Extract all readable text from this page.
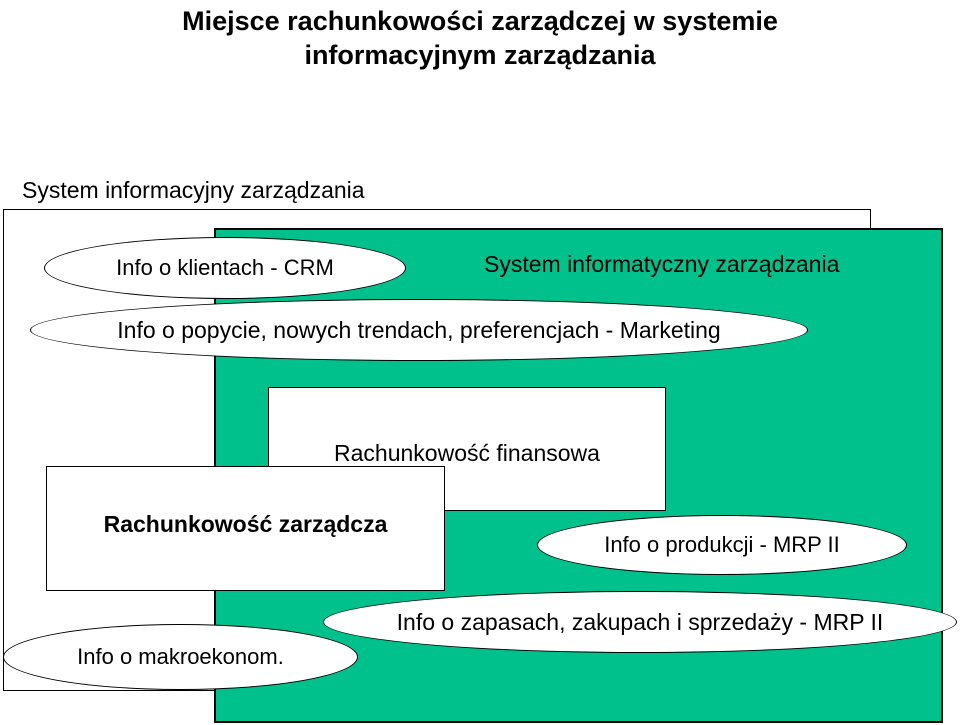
Miejsce rachunkowości zarządczej w systemie
informacyjnym zarządzania
System informacyjny zarządzania
System informatyczny zarządzania
Rachunkowość finansowa
Rachunkowość zarządcza
Info o klientach - CRM
Info o popycie, nowych trendach, preferencjach - Marketing
Info o produkcji - MRP II
Info o zapasach, zakupach i sprzedaży - MRP II
Info o makroekonom.
